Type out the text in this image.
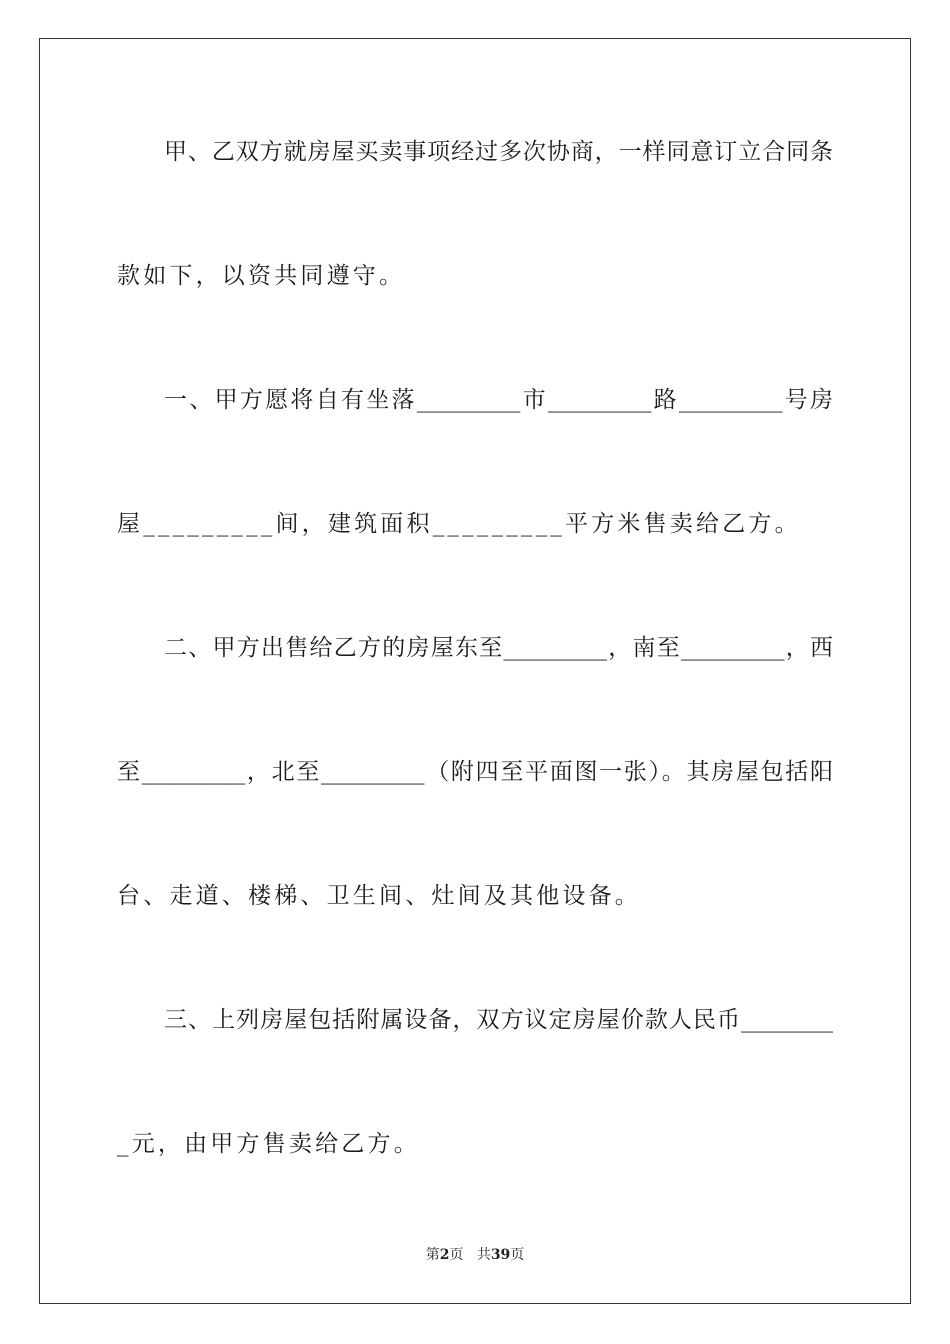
甲、乙双方就房屋买卖事项经过多次协商，一样同意订立合同条
款如下，以资共同遵守。
一、甲方愿将自有坐落_________市_________路_________号房
屋_________间，建筑面积_________平方米售卖给乙方。
二、甲方出售给乙方的房屋东至_________，南至_________，西
至_________，北至_________（附四至平面图一张）。其房屋包括阳
台、走道、楼梯、卫生间、灶间及其他设备。
三、上列房屋包括附属设备，双方议定房屋价款人民币________
_元，由甲方售卖给乙方。
第2页 共39页
